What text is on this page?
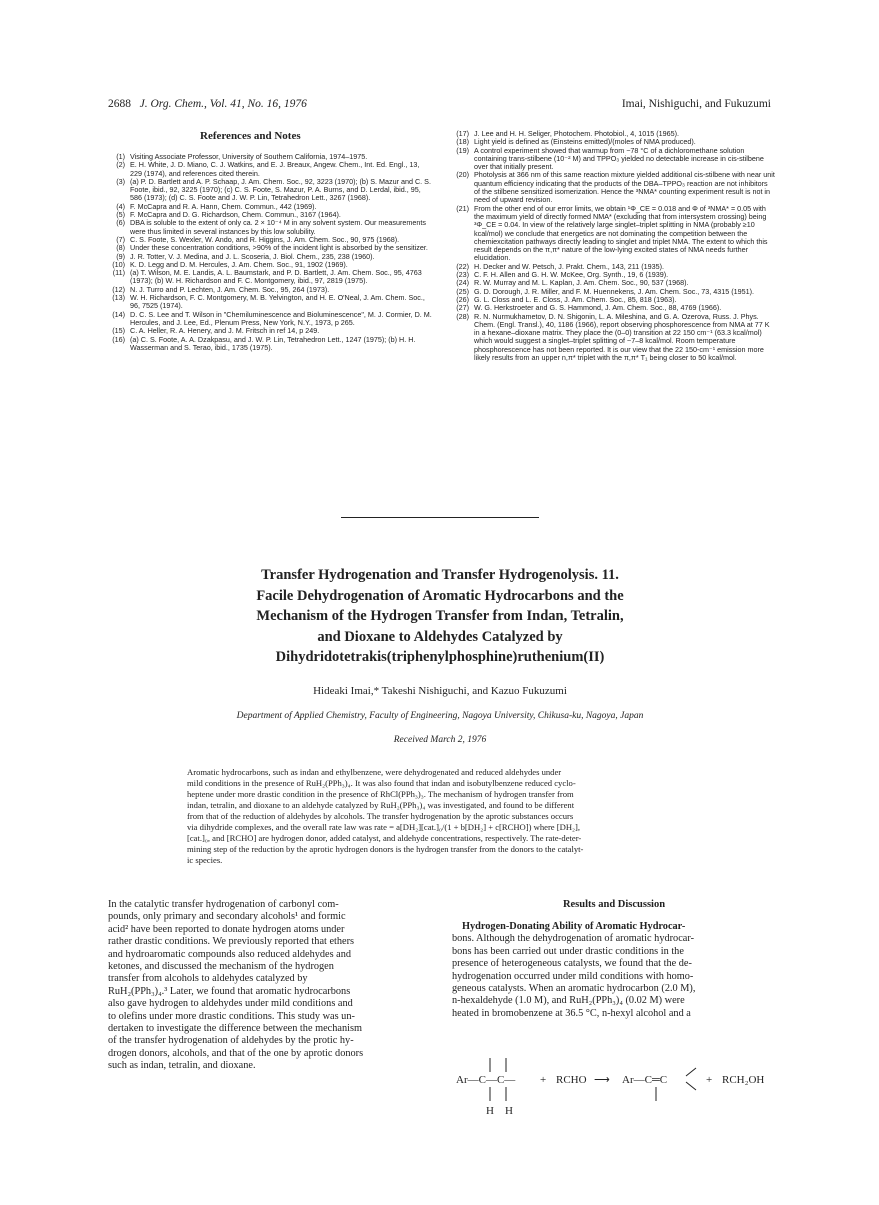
2688 J. Org. Chem., Vol. 41, No. 16, 1976	Imai, Nishiguchi, and Fukuzumi
References and Notes
(1) Visiting Associate Professor, University of Southern California, 1974–1975.
(2) E. H. White, J. D. Miano, C. J. Watkins, and E. J. Breaux, Angew. Chem., Int. Ed. Engl., 13, 229 (1974), and references cited therein.
(3) (a) P. D. Bartlett and A. P. Schaap, J. Am. Chem. Soc., 92, 3223 (1970); (b) S. Mazur and C. S. Foote, ibid., 92, 3225 (1970); (c) C. S. Foote, S. Mazur, P. A. Burns, and D. Lerdal, ibid., 95, 586 (1973); (d) C. S. Foote and J. W. P. Lin, Tetrahedron Lett., 3267 (1968).
(4) F. McCapra and R. A. Hann, Chem. Commun., 442 (1969).
(5) F. McCapra and D. G. Richardson, Chem. Commun., 3167 (1964).
(6) DBA is soluble to the extent of only ca. 2 × 10⁻⁴ M in any solvent system. Our measurements were thus limited in several instances by this low solubility.
(7) C. S. Foote, S. Wexler, W. Ando, and R. Higgins, J. Am. Chem. Soc., 90, 975 (1968).
(8) Under these concentration conditions, >90% of the incident light is absorbed by the sensitizer.
(9) J. R. Totter, V. J. Medina, and J. L. Scoseria, J. Biol. Chem., 235, 238 (1960).
(10) K. D. Legg and D. M. Hercules, J. Am. Chem. Soc., 91, 1902 (1969).
(11) (a) T. Wilson, M. E. Landis, A. L. Baumstark, and P. D. Bartlett, J. Am. Chem. Soc., 95, 4763 (1973); (b) W. H. Richardson and F. C. Montgomery, ibid., 97, 2819 (1975).
(12) N. J. Turro and P. Lechten, J. Am. Chem. Soc., 95, 264 (1973).
(13) W. H. Richardson, F. C. Montgomery, M. B. Yelvington, and H. E. O'Neal, J. Am. Chem. Soc., 96, 7525 (1974).
(14) D. C. S. Lee and T. Wilson in "Chemiluminescence and Bioluminescence", M. J. Cormier, D. M. Hercules, and J. Lee, Ed., Plenum Press, New York, N.Y., 1973, p 265.
(15) C. A. Heller, R. A. Henery, and J. M. Fritsch in ref 14, p 249.
(16) (a) C. S. Foote, A. A. Dzakpasu, and J. W. P. Lin, Tetrahedron Lett., 1247 (1975); (b) H. H. Wasserman and S. Terao, ibid., 1735 (1975).
(17) J. Lee and H. H. Seliger, Photochem. Photobiol., 4, 1015 (1965).
(18) Light yield is defined as (Einsteins emitted)/(moles of NMA produced).
(19) A control experiment showed that warmup from −78 °C of a dichloromethane solution containing trans-stilbene (10⁻² M) and TPPO₃ yielded no detectable increase in cis-stilbene over that initially present.
(20) Photolysis at 366 nm of this same reaction mixture yielded additional cis-stilbene with near unit quantum efficiency indicating that the products of the DBA–TPPO₃ reaction are not inhibitors of the stilbene sensitized isomerization. Hence the ³NMA* counting experiment result is not in need of upward revision.
(21) From the other end of our error limits, we obtain ¹Φ_CE = 0.018 and Φ of ³NMA* = 0.05 with the maximum yield of directly formed NMA* (excluding that from intersystem crossing) being ³Φ_CE = 0.04. In view of the relatively large singlet–triplet splitting in NMA (probably ≥10 kcal/mol) we conclude that energetics are not dominating the competition between the chemiexcitation pathways directly leading to singlet and triplet NMA. The extent to which this result depends on the π,π* nature of the low-lying excited states of NMA needs further elucidation.
(22) H. Decker and W. Petsch, J. Prakt. Chem., 143, 211 (1935).
(23) C. F. H. Allen and G. H. W. McKee, Org. Synth., 19, 6 (1939).
(24) R. W. Murray and M. L. Kaplan, J. Am. Chem. Soc., 90, 537 (1968).
(25) G. D. Dorough, J. R. Miller, and F. M. Huennekens, J. Am. Chem. Soc., 73, 4315 (1951).
(26) G. L. Closs and L. E. Closs, J. Am. Chem. Soc., 85, 818 (1963).
(27) W. G. Herkstroeter and G. S. Hammond, J. Am. Chem. Soc., 88, 4769 (1966).
(28) R. N. Nurmukhametov, D. N. Shigonin, L. A. Mileshina, and G. A. Ozerova, Russ. J. Phys. Chem. (Engl. Transl.), 40, 1186 (1966), report observing phosphorescence from NMA at 77 K in a hexane–dioxane matrix. They place the (0–0) transition at 22 150 cm⁻¹ (63.3 kcal/mol) which would suggest a singlet–triplet splitting of ~7–8 kcal/mol. Room temperature phosphorescence has not been reported. It is our view that the 22 150-cm⁻¹ emission more likely results from an upper n,π* triplet with the π,π* T₁ being closer to 50 kcal/mol.
Transfer Hydrogenation and Transfer Hydrogenolysis. 11.
Facile Dehydrogenation of Aromatic Hydrocarbons and the
Mechanism of the Hydrogen Transfer from Indan, Tetralin,
and Dioxane to Aldehydes Catalyzed by
Dihydridotetrakis(triphenylphosphine)ruthenium(II)
Hideaki Imai,* Takeshi Nishiguchi, and Kazuo Fukuzumi
Department of Applied Chemistry, Faculty of Engineering, Nagoya University, Chikusa-ku, Nagoya, Japan
Received March 2, 1976
Aromatic hydrocarbons, such as indan and ethylbenzene, were dehydrogenated and reduced aldehydes under
mild conditions in the presence of RuH₂(PPh₃)₄. It was also found that indan and isobutylbenzene reduced cyclo-
heptene under more drastic condition in the presence of RhCl(PPh₃)₃. The mechanism of hydrogen transfer from
indan, tetralin, and dioxane to an aldehyde catalyzed by RuH₂(PPh₃)₄ was investigated, and found to be different
from that of the reduction of aldehydes by alcohols. The transfer hydrogenation by the aprotic substances occurs
via dihydride complexes, and the overall rate law was rate = a[DH₂][cat.]₀/(1 + b[DH₂] + c[RCHO]) where [DH₂],
[cat.]₀, and [RCHO] are hydrogen donor, added catalyst, and aldehyde concentrations, respectively. The rate-deter-
mining step of the reduction by the aprotic hydrogen donors is the hydrogen transfer from the donors to the catalyt-
ic species.
In the catalytic transfer hydrogenation of carbonyl com-
pounds, only primary and secondary alcohols¹ and formic
acid² have been reported to donate hydrogen atoms under
rather drastic conditions. We previously reported that ethers
and hydroaromatic compounds also reduced aldehydes and
ketones, and discussed the mechanism of the hydrogen
transfer from alcohols to aldehydes catalyzed by
RuH₂(PPh₃)₄.³ Later, we found that aromatic hydrocarbons
also gave hydrogen to aldehydes under mild conditions and
to olefins under more drastic conditions. This study was un-
dertaken to investigate the difference between the mechanism
of the transfer hydrogenation of aldehydes by the protic hy-
drogen donors, alcohols, and that of the one by aprotic donors
such as indan, tetralin, and dioxane.
Results and Discussion
Hydrogen-Donating Ability of Aromatic Hydrocar-
bons. Although the dehydrogenation of aromatic hydrocar-
bons has been carried out under drastic conditions in the
presence of heterogeneous catalysts, we found that the de-
hydrogenation occurred under mild conditions with homo-
geneous catalysts. When an aromatic hydrocarbon (2.0 M),
n-hexaldehyde (1.0 M), and RuH₂(PPh₃)₄ (0.02 M) were
heated in bromobenzene at 36.5 °C, n-hexyl alcohol and a
Ar—C—C—
H    H
+ RCHO ⟶ Ar—C═C	+ RCH₂OH
